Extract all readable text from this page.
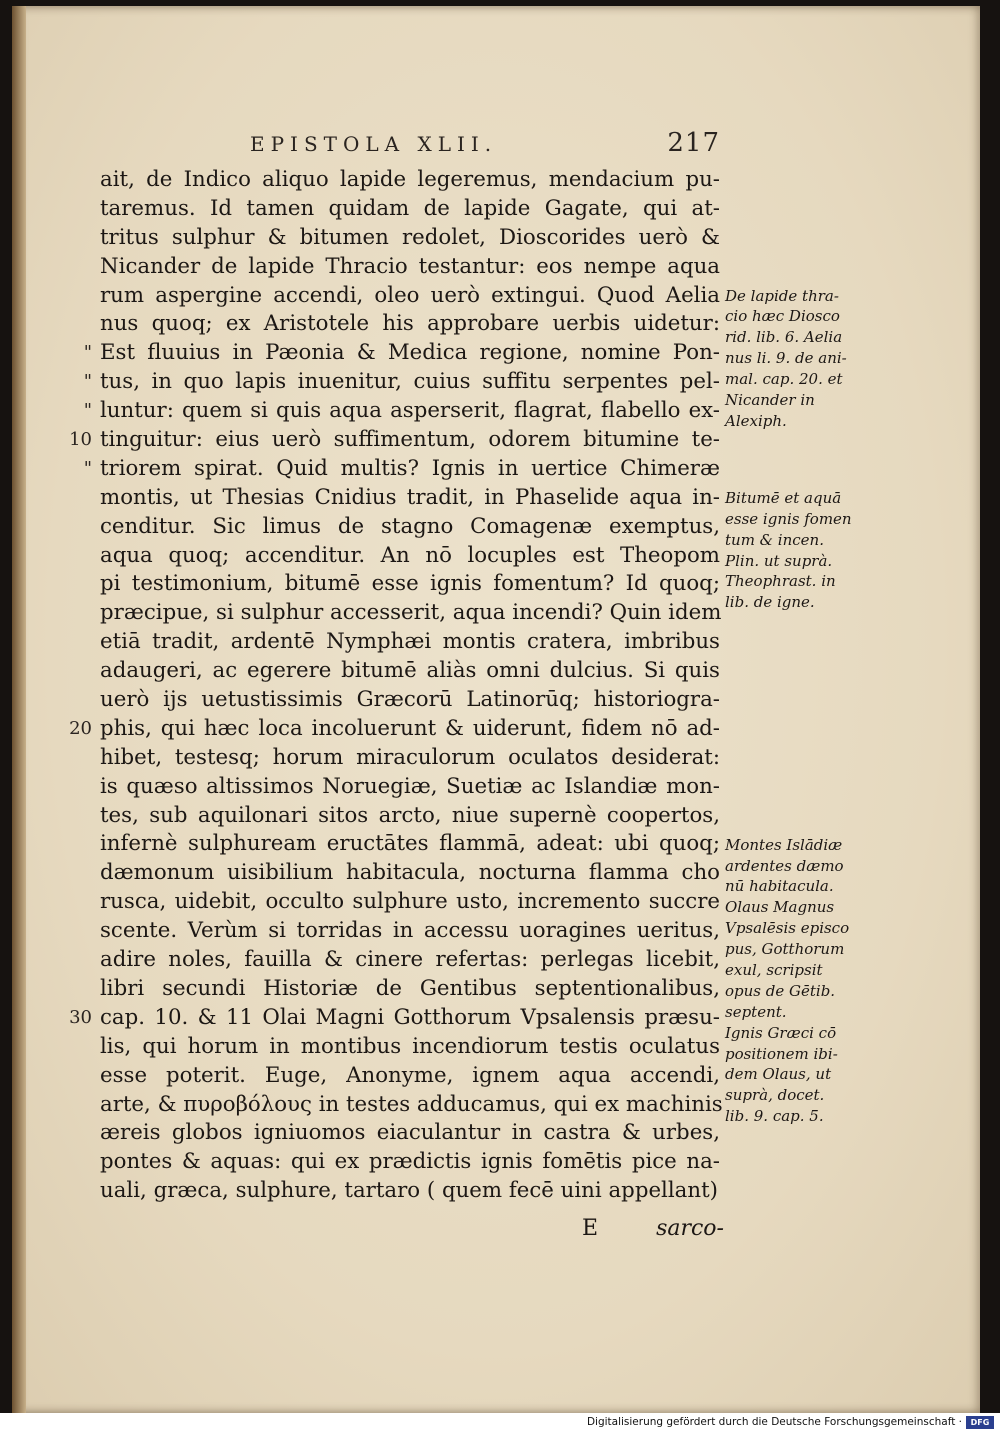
EPISTOLA XLII.	217
ait, de Indico aliquo lapide legeremus, mendacium pu-
taremus. Id tamen quidam de lapide Gagate, qui at-
tritus sulphur & bitumen redolet, Dioscorides uerò &
Nicander de lapide Thracio testantur: eos nempe aqua
rum aspergine accendi, oleo uerò extingui. Quod Aelia
nus quoq; ex Aristotele his approbare uerbis uidetur:
" Est fluuius in Pæonia & Medica regione, nomine Pon-
" tus, in quo lapis inuenitur, cuius suffitu serpentes pel-
" luntur: quem si quis aqua asperserit, flagrat, flabello ex-
10 tinguitur: eius uerò suffimentum, odorem bitumine te-
" triorem spirat. Quid multis? Ignis in uertice Chimeræ
montis, ut Thesias Cnidius tradit, in Phaselide aqua in-
cenditur. Sic limus de stagno Comagenæ exemptus,
aqua quoq; accenditur. An nō locuples est Theopom
pi testimonium, bitumē esse ignis fomentum? Id quoq;
præcipue, si sulphur accesserit, aqua incendi? Quin idem
etiā tradit, ardentē Nymphæi montis cratera, imbribus
adaugeri, ac egerere bitumē aliàs omni dulcius. Si quis
uerò ijs uetustissimis Græcorū Latinorūq; historiogra-
20 phis, qui hæc loca incoluerunt & uiderunt, fidem nō ad-
hibet, testesq; horum miraculorum oculatos desiderat:
is quæso altissimos Noruegiæ, Suetiæ ac Islandiæ mon-
tes, sub aquilonari sitos arcto, niue supernè coopertos,
infernè sulphuream eructātes flammā, adeat: ubi quoq;
dæmonum uisibilium habitacula, nocturna flamma cho
rusca, uidebit, occulto sulphure usto, incremento succre
scente. Verùm si torridas in accessu uoragines ueritus,
adire noles, fauilla & cinere refertas: perlegas licebit,
libri secundi Historiæ de Gentibus septentionalibus,
30 cap. 10. & 11 Olai Magni Gotthorum Vpsalensis præsu-
lis, qui horum in montibus incendiorum testis oculatus
esse poterit. Euge, Anonyme, ignem aqua accendi,
arte, & πυροβόλους in testes adducamus, qui ex machinis
æreis globos igniuomos eiaculantur in castra & urbes,
pontes & aquas: qui ex prædictis ignis fomētis pice na-
uali, græca, sulphure, tartaro ( quem fecē uini appellant)
De lapide thra-
cio hæc Diosco
rid. lib. 6. Aelia
nus li. 9. de ani-
mal. cap. 20. et
Nicander in
Alexiph.
Bitumē et aquā
esse ignis fomen
tum & incen.
Plin. ut suprà.
Theophrast. in
lib. de igne.
Montes Islādiæ
ardentes dæmo
nū habitacula.
Olaus Magnus
Vpsalēsis episco
pus, Gotthorum
exul, scripsit
opus de Gētib.
septent.
Ignis Græci cō
positionem ibi-
dem Olaus, ut
suprà, docet.
lib. 9. cap. 5.
E	sarco-
Digitalisierung gefördert durch die Deutsche Forschungsgemeinschaft ·	DFG
